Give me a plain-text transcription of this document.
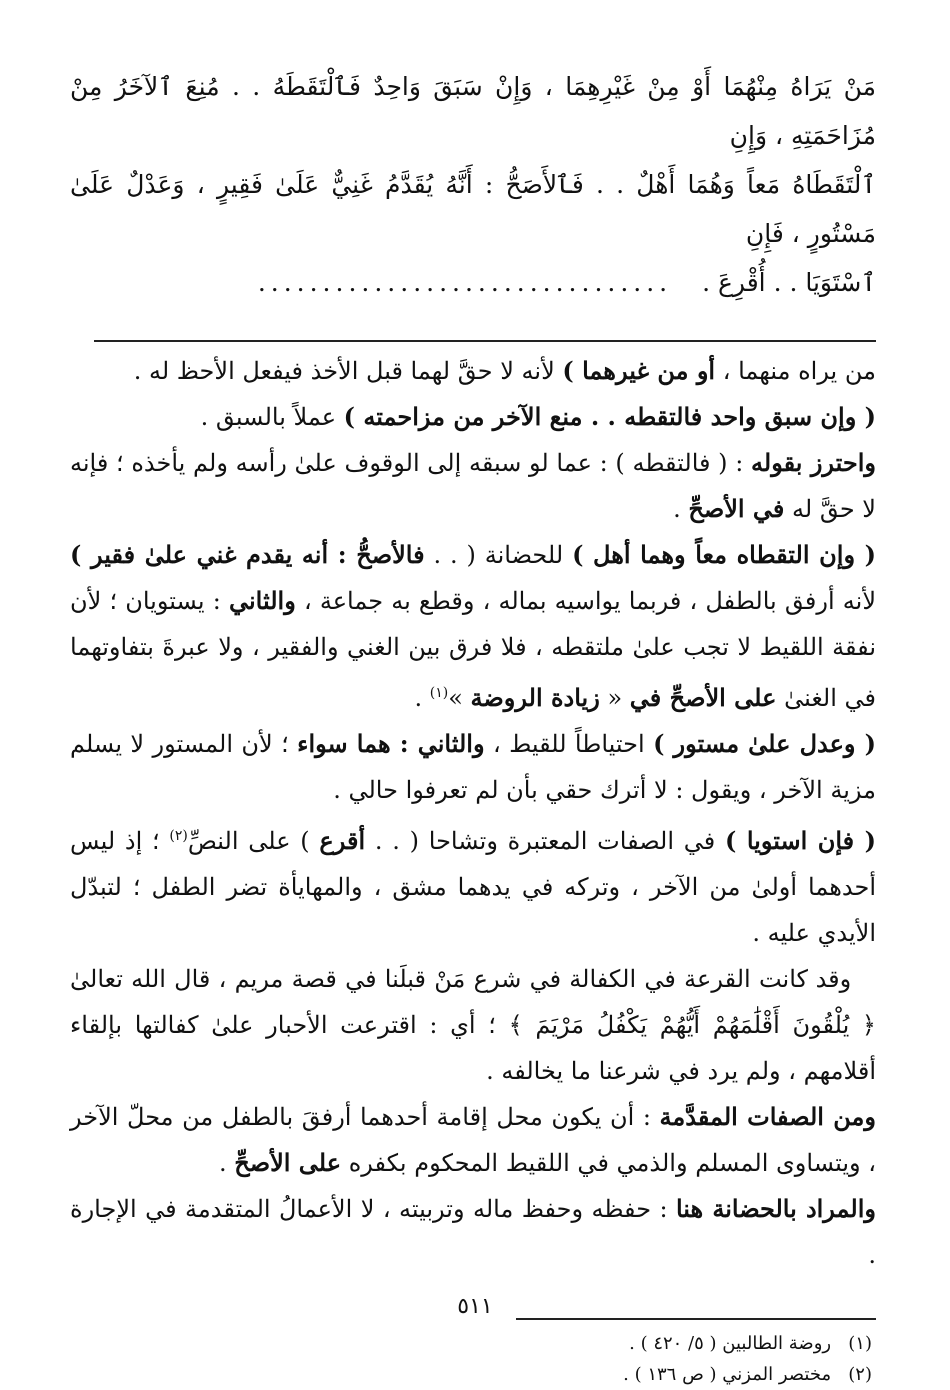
مَنْ يَرَاهُ مِنْهُمَا أَوْ مِنْ غَيْرِهِمَا ، وَإِنْ سَبَقَ وَاحِدٌ فَٱلْتَقَطَهُ . . مُنِعَ ٱلآخَرُ مِنْ مُزَاحَمَتِهِ ، وَإِنِ

ٱلْتَقَطَاهُ مَعاً وَهُمَا أَهْلٌ . . فَٱلأَصَحُّ : أَنَّهُ يُقَدَّمُ غَنِيٌّ عَلَىٰ فَقِيرٍ ، وَعَدْلٌ عَلَىٰ مَسْتُورٍ ، فَإِنِ

ٱسْتَوَيَا . . أُقْرِعَ .................................

من يراه منهما ، أو من غيرهما ) لأنه لا حقَّ لهما قبل الأخذ فيفعل الأحظ له .

( وإن سبق واحد فالتقطه . . منع الآخر من مزاحمته ) عملاً بالسبق .

واحترز بقوله : ( فالتقطه ) : عما لو سبقه إلى الوقوف علىٰ رأسه ولم يأخذه ؛ فإنه لا حقَّ له في الأصحِّ .

( وإن التقطاه معاً وهما أهل ) للحضانة ( . . فالأصحُّ : أنه يقدم غني علىٰ فقير ) لأنه أرفق بالطفل ، فربما يواسيه بماله ، وقطع به جماعة ، والثاني : يستويان ؛ لأن نفقة اللقيط لا تجب علىٰ ملتقطه ، فلا فرق بين الغني والفقير ، ولا عبرةَ بتفاوتهما في الغنىٰ على الأصحِّ في « زيادة الروضة »$^{(١)}$ .

( وعدل علىٰ مستور ) احتياطاً للقيط ، والثاني : هما سواء ؛ لأن المستور لا يسلم مزية الآخر ، ويقول : لا أترك حقي بأن لم تعرفوا حالي .

( فإن استويا ) في الصفات المعتبرة وتشاحا ( . . أقرع ) على النصِّ$^{(٢)}$ ؛ إذ ليس أحدهما أولىٰ من الآخر ، وتركه في يدهما مشق ، والمهايأة تضر الطفل ؛ لتبدّل الأيدي عليه .

وقد كانت القرعة في الكفالة في شرع مَنْ قبلَنا في قصة مريم ، قال الله تعالىٰ ﴿ يُلْقُونَ أَقْلَٰمَهُمْ أَيُّهُمْ يَكْفُلُ مَرْيَمَ ﴾ ؛ أي : اقترعت الأحبار علىٰ كفالتها بإلقاء أقلامهم ، ولم يرد في شرعنا ما يخالفه .

ومن الصفات المقدَّمة : أن يكون محل إقامة أحدهما أرفقَ بالطفل من محلّ الآخر ، ويتساوى المسلم والذمي في اللقيط المحكوم بكفره على الأصحِّ .

والمراد بالحضانة هنا : حفظه وحفظ ماله وتربيته ، لا الأعمالُ المتقدمة في الإجارة .

(١)   روضة الطالبين ( ٥/ ٤٢٠ ) .
(٢)   مختصر المزني ( ص ١٣٦ ) .
٥١١
